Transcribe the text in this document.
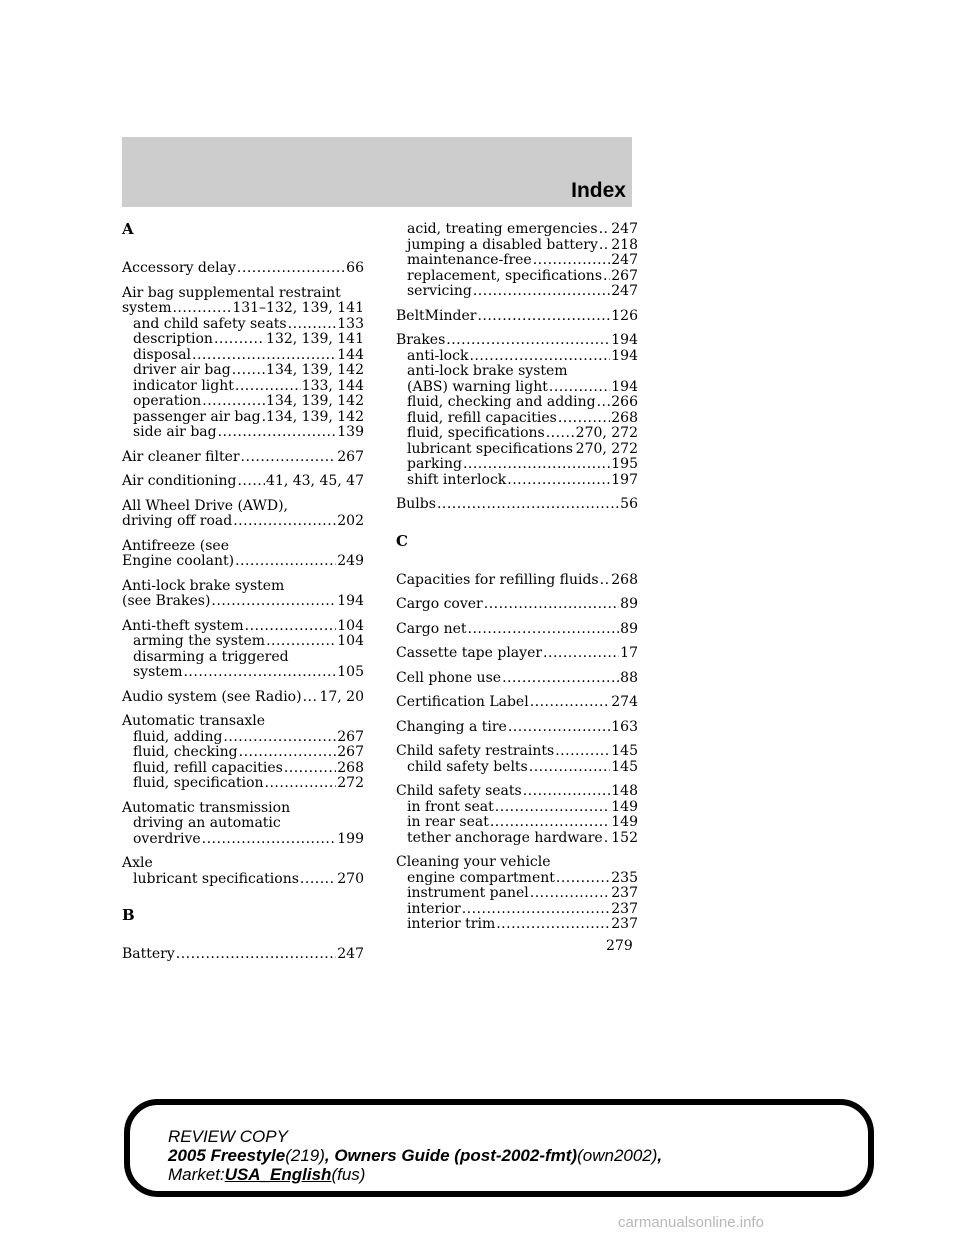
Index
A
Accessory delay .....	66
Air bag supplemental restraint
system .....	131–132, 139, 141
and child safety seats .....	133
description .....	132, 139, 141
disposal .....	144
driver air bag .....	134, 139, 142
indicator light .....	133, 144
operation .....	134, 139, 142
passenger air bag ..... 134, 139, 142
side air bag .....	139
Air cleaner filter .....	267
Air conditioning ..... 41, 43, 45, 47
All Wheel Drive (AWD),
driving off road .....	202
Antifreeze (see
Engine coolant) .....	249
Anti-lock brake system
(see Brakes) .....	194
Anti-theft system .....	104
arming the system .....	104
disarming a triggered
system .....	105
Audio system (see Radio) ..... 17, 20
Automatic transaxle
fluid, adding .....	267
fluid, checking .....	267
fluid, refill capacities .....	268
fluid, specification .....	272
Automatic transmission
driving an automatic
overdrive .....	199
Axle
lubricant specifications .....	270
B
Battery .....	247
acid, treating emergencies ..... 247
jumping a disabled battery ..... 218
maintenance-free .....	247
replacement, specifications ..... 267
servicing .....	247
BeltMinder .....	126
Brakes .....	194
anti-lock .....	194
anti-lock brake system
(ABS) warning light .....	194
fluid, checking and adding ..... 266
fluid, refill capacities .....	268
fluid, specifications ..... 270, 272
lubricant specifications ..... 270, 272
parking .....	195
shift interlock .....	197
Bulbs .....	56
C
Capacities for refilling fluids ..... 268
Cargo cover .....	89
Cargo net .....	89
Cassette tape player .....	17
Cell phone use .....	88
Certification Label .....	274
Changing a tire .....	163
Child safety restraints .....	145
child safety belts .....	145
Child safety seats .....	148
in front seat .....	149
in rear seat .....	149
tether anchorage hardware ..... 152
Cleaning your vehicle
engine compartment .....	235
instrument panel .....	237
interior .....	237
interior trim .....	237
279
REVIEW COPY
2005 Freestyle(219), Owners Guide (post-2002-fmt)(own2002),
Market:USA_English(fus)
carmanualsonline.info
